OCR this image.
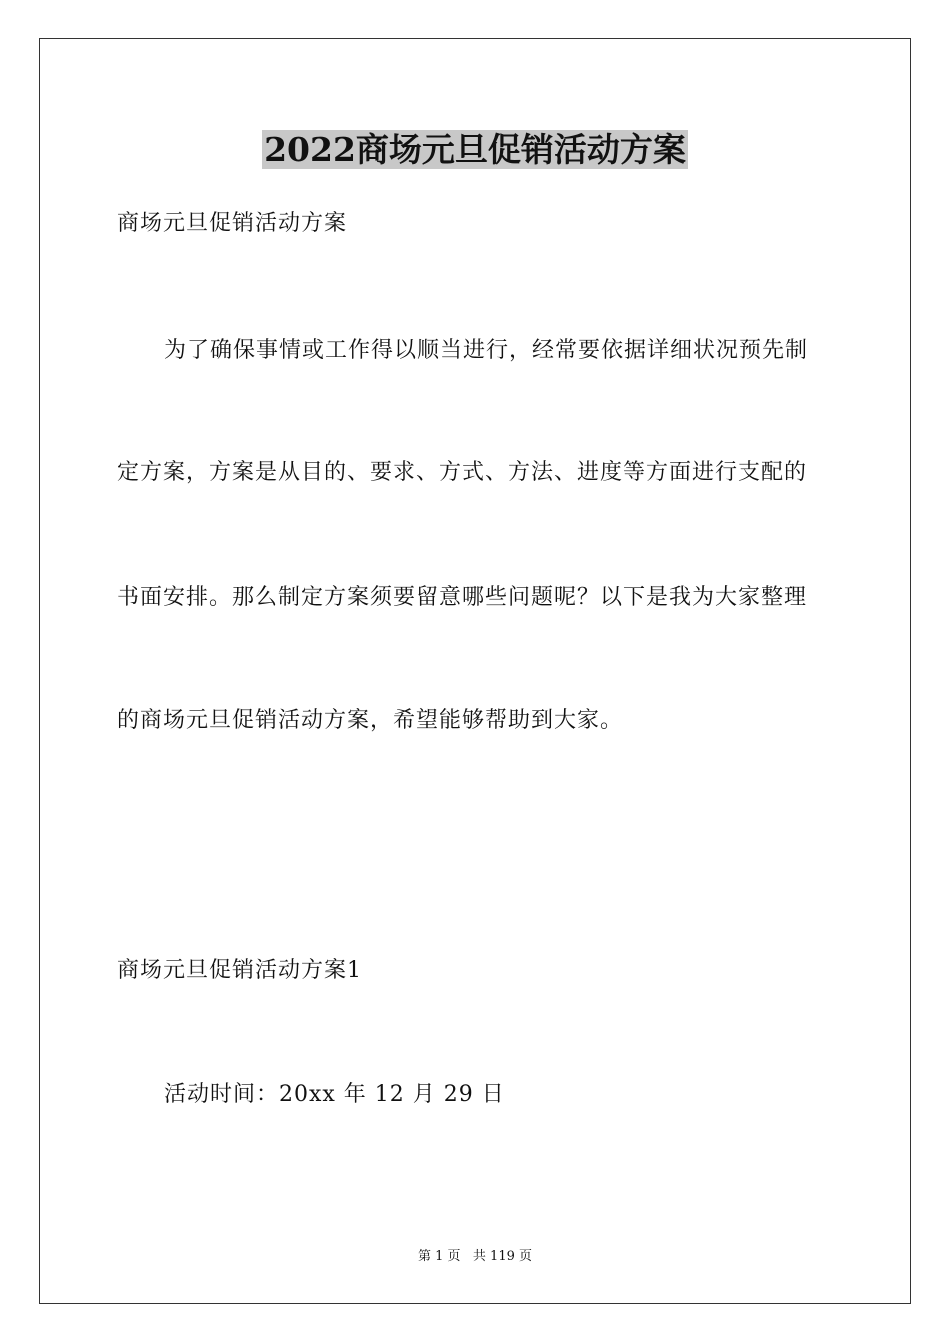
2022商场元旦促销活动方案
商场元旦促销活动方案
为了确保事情或工作得以顺当进行，经常要依据详细状况预先制
定方案，方案是从目的、要求、方式、方法、进度等方面进行支配的
书面安排。那么制定方案须要留意哪些问题呢？以下是我为大家整理
的商场元旦促销活动方案，希望能够帮助到大家。
商场元旦促销活动方案1
活动时间：20xx 年 12 月 29 日
第 1 页   共 119 页
